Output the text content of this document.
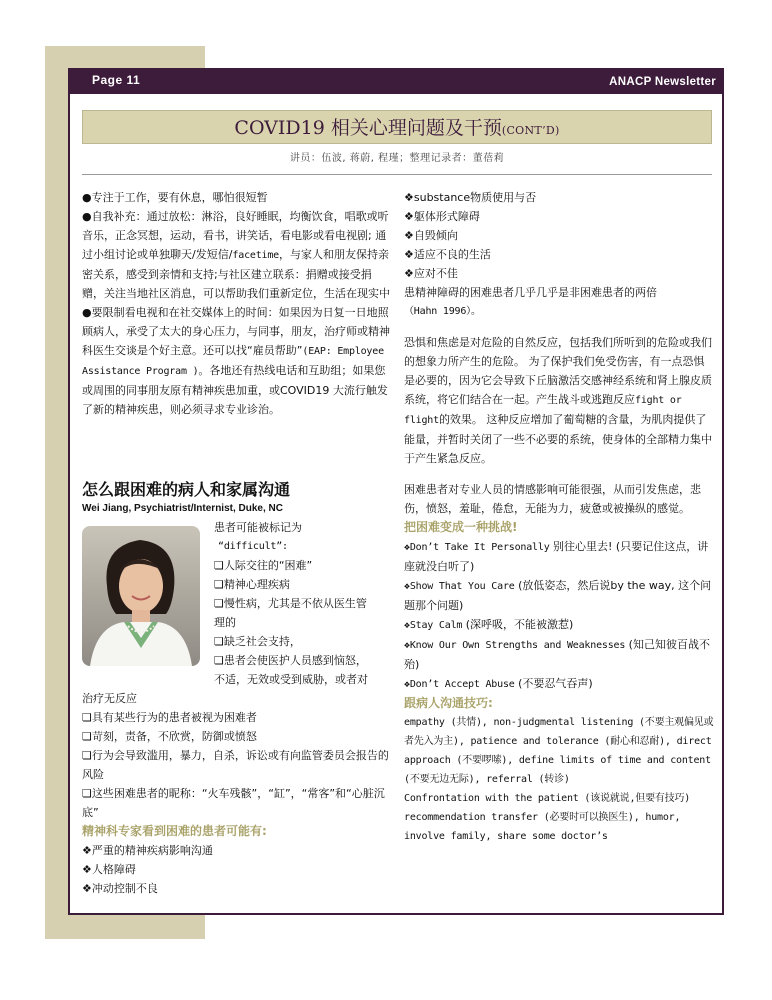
Page 11	ANACP Newsletter
COVID19 相关心理问题及干预(CONT’D)
讲员：伍波, 蒋蔚, 程瑾；整理记录者：董蓓莉

●专注于工作，要有休息，哪怕很短暂

●自我补充：通过放松：淋浴，良好睡眠，均衡饮食，唱歌或听音乐，正念冥想，运动，看书，讲笑话，看电影或看电视剧; 通过小组讨论或单独聊天/发短信/facetime，与家人和朋友保持亲密关系，感受到亲情和支持;与社区建立联系：捐赠或接受捐赠，关注当地社区消息，可以帮助我们重新定位，生活在现实中

●要限制看电视和在社交媒体上的时间：如果因为日复一日地照顾病人，承受了太大的身心压力，与同事，朋友，治疗师或精神科医生交谈是个好主意。还可以找“雇员帮助”(EAP: Employee Assistance Program )。各地还有热线电话和互助组；如果您或周围的同事朋友原有精神疾患加重，或COVID19 大流行触发了新的精神疾患，则必须寻求专业诊治。

怎么跟困难的病人和家属沟通
Wei Jiang, Psychiatrist/Internist, Duke, NC

患者可能被标记为

“difficult”:

❏人际交往的“困难”

❏精神心理疾病

❏慢性病，尤其是不依从医生管

理的

❏缺乏社会支持，

❏患者会使医护人员感到恼怒，

不适，无效或受到威胁，或者对

治疗无反应

❏具有某些行为的患者被视为困难者

❏苛刻，责备，不欣赏，防御或愤怒

❏行为会导致滥用，暴力，自杀，诉讼或有向监管委员会报告的风险

❏这些困难患者的昵称：“火车残骸”，“缸”，“常客”和“心脏沉底”

精神科专家看到困难的患者可能有:

❖严重的精神疾病影响沟通

❖人格障碍

❖冲动控制不良

❖substance物质使用与否

❖躯体形式障碍

❖自毁倾向

❖适应不良的生活

❖应对不佳

患精神障碍的困难患者几乎几乎是非困难患者的两倍

（Hahn 1996）。

恐惧和焦虑是对危险的自然反应，包括我们所听到的危险或我们的想象力所产生的危险。 为了保护我们免受伤害，有一点恐惧是必要的，因为它会导致下丘脑激活交感神经系统和肾上腺皮质系统，将它们结合在一起。产生战斗或逃跑反应fight or flight的效果。 这种反应增加了葡萄糖的含量，为肌肉提供了能量，并暂时关闭了一些不必要的系统，使身体的全部精力集中于产生紧急反应。

困难患者对专业人员的情感影响可能很强，从而引发焦虑，悲伤，愤怒，羞耻，倦怠，无能为力，疲惫或被操纵的感觉。

把困难变成一种挑战!

❖Don’t Take It Personally 别往心里去! (只要记住这点，讲座就没白听了)

❖Show That You Care (放低姿态，然后说by the way, 这个问题那个问题)

❖Stay Calm (深呼吸，不能被激惹)

❖Know Our Own Strengths and Weaknesses (知己知彼百战不殆)

❖Don’t Accept Abuse (不要忍气吞声)

跟病人沟通技巧:

empathy (共情), non-judgmental listening (不要主观偏见或者先入为主), patience and tolerance (耐心和忍耐), direct approach (不要啰嗦), define limits of time and content (不要无边无际), referral (转诊)

Confrontation with the patient (该说就说,但要有技巧) recommendation transfer (必要时可以换医生), humor, involve family, share some doctor’s
